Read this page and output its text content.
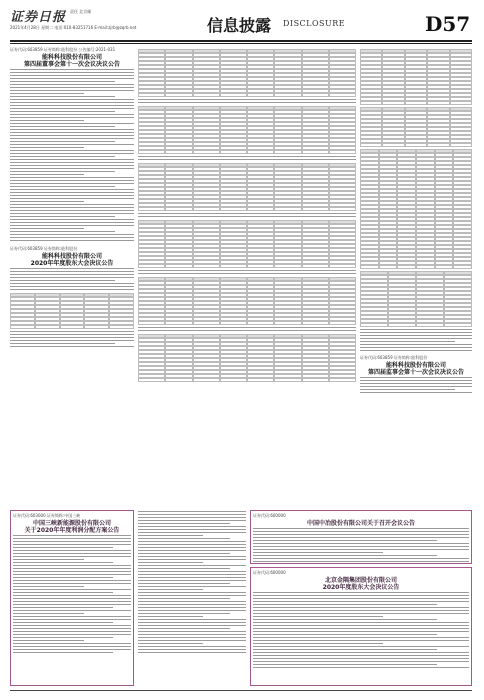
证券日报 责任 北京邮
2021年4月28日 星期二 电话:010-83251716 E-mail:zjrb@zqrb.net	信息披露 DISCLOSURE	D57
证券代码:603859 证券简称:能科股份 公告编号:2021-031
能科科技股份有限公司
第四届董事会第十一次会议决议公告
证券代码:603859 证券简称:能科股份
能科科技股份有限公司
2020年年度股东大会决议公告
证券代码:603859 证券简称:能科股份
能科科技股份有限公司
第四届监事会第十一次会议决议公告
证券代码:603000 证券简称:中国三峡
中国三峡新能源股份有限公司
关于2020年年度利润分配方案公告
证券代码:600000
中国中冶股份有限公司关于召开会议公告
证券代码:600000
北京金隅集团股份有限公司
2020年度股东大会决议公告
